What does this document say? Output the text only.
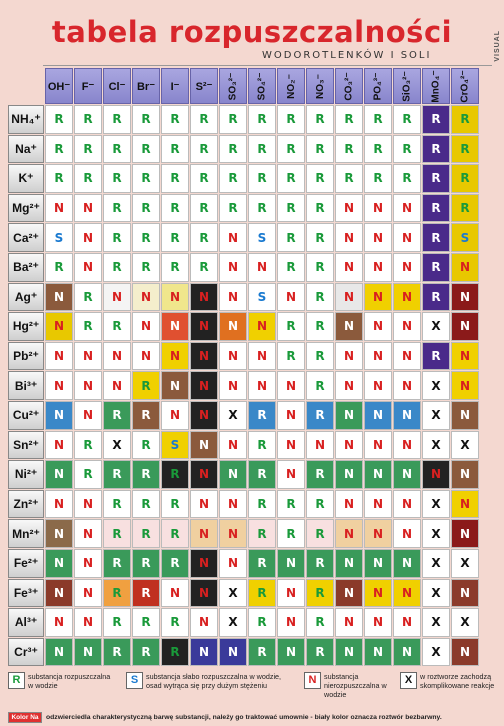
tabela rozpuszczalności
WODOROTLENKÓW I SOLI	VISUAL
OH⁻ F⁻ Cl⁻ Br⁻ I⁻ S²⁻ SO₃²⁻ SO₄²⁻ NO₂⁻ NO₃⁻ CO₃²⁻ PO₄³⁻ SiO₃²⁻ MnO₄⁻ CrO₄²⁻
NH₄⁺	R	R	R	R	R	R	R	R	R	R	R	R	R	R	R
Na⁺	R	R	R	R	R	R	R	R	R	R	R	R	R	R	R
K⁺	R	R	R	R	R	R	R	R	R	R	R	R	R	R	R
Mg²⁺	N	N	R	R	R	R	R	R	R	R	N	N	N	R	R
Ca²⁺	S	N	R	R	R	R	N	S	R	R	N	N	N	R	S
Ba²⁺	R	N	R	R	R	R	N	N	R	R	N	N	N	R	N
Ag⁺	N	R	N	N	N	N	N	S	N	R	N	N	N	R	N
Hg²⁺	N	R	R	N	N	N	N	N	R	R	N	N	N	X	N
Pb²⁺	N	N	N	N	N	N	N	N	R	R	N	N	N	R	N
Bi³⁺	N	N	N	R	N	N	N	N	N	R	N	N	N	X	N
Cu²⁺	N	N	R	R	N	N	X	R	N	R	N	N	N	X	N
Sn²⁺	N	R	X	R	S	N	N	R	N	N	N	N	N	X	X
Ni²⁺	N	R	R	R	R	N	N	R	N	R	N	N	N	N	N
Zn²⁺	N	N	R	R	R	N	N	R	R	R	N	N	N	X	N
Mn²⁺	N	N	R	R	R	N	N	R	R	R	N	N	N	X	N
Fe²⁺	N	N	R	R	R	N	N	R	N	R	N	N	N	X	X
Fe³⁺	N	N	R	R	N	N	X	R	N	R	N	N	N	X	N
Al³⁺	N	N	R	R	R	N	X	R	N	R	N	N	N	X	X
Cr³⁺	N	N	R	R	R	N	N	R	N	R	N	N	N	X	N
R	substancja rozpuszczalna w wodzie	S	substancja słabo rozpuszczalna w wodzie, osad wytrąca się przy dużym stężeniu	N	substancja nierozpuszczalna w wodzie
X	w roztworze zachodzą skomplikowane reakcje
Kolor Na	odzwierciedla charakterystyczną barwę substancji, należy go traktować umownie - biały kolor oznacza roztwór bezbarwny.
